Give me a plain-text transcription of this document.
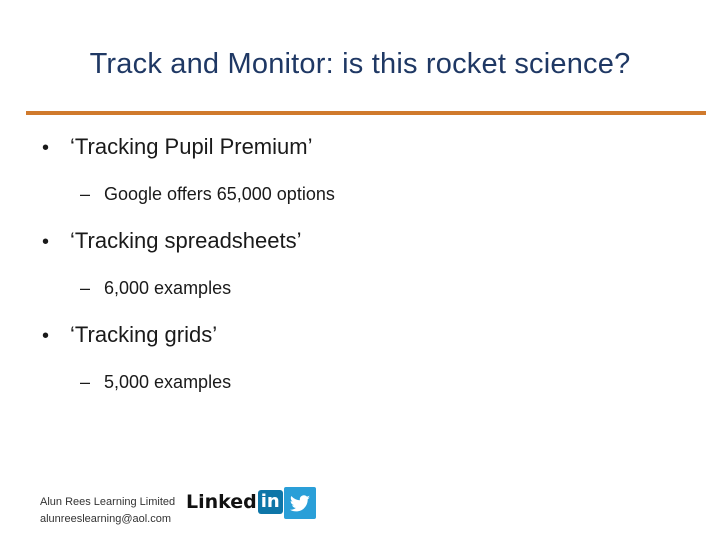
Track and Monitor: is this rocket science?
• ‘Tracking Pupil Premium’
– Google offers 65,000 options
• ‘Tracking spreadsheets’
– 6,000 examples
• ‘Tracking grids’
– 5,000 examples
Alun Rees Learning Limited
alunreeslearning@aol.com
Linked in
